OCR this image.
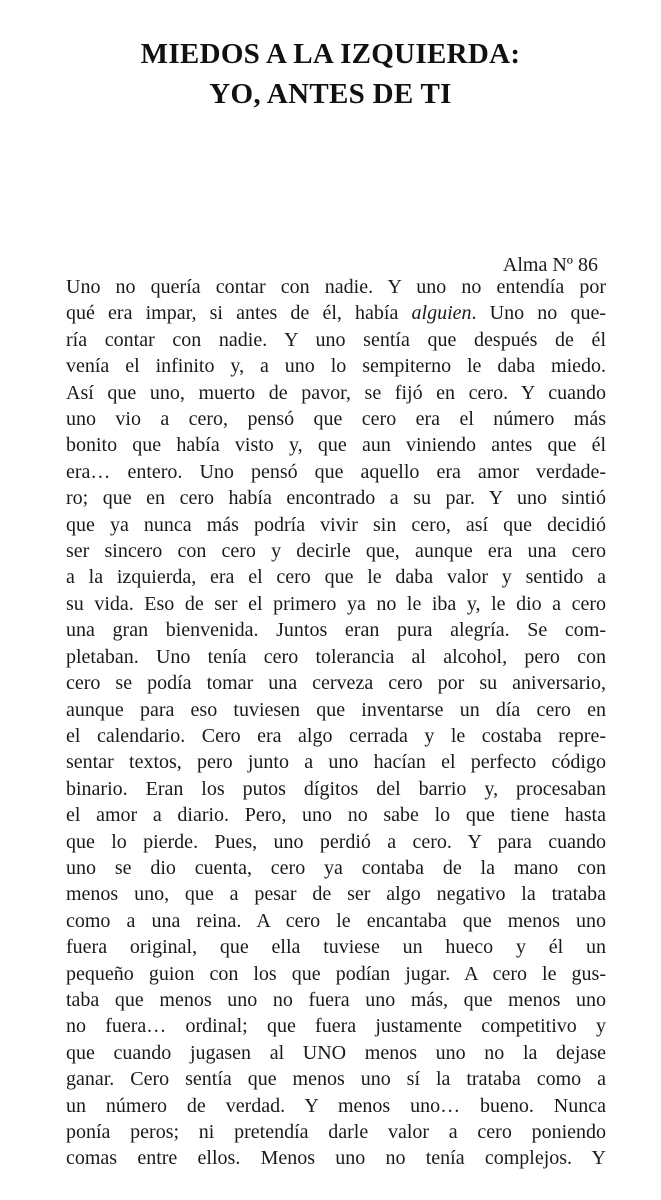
MIEDOS A LA IZQUIERDA:
YO, ANTES DE TI
Alma Nº 86
Uno no quería contar con nadie. Y uno no entendía por
qué era impar, si antes de él, había alguien. Uno no que-
ría contar con nadie. Y uno sentía que después de él
venía el infinito y, a uno lo sempiterno le daba miedo.
Así que uno, muerto de pavor, se fijó en cero. Y cuando
uno vio a cero, pensó que cero era el número más
bonito que había visto y, que aun viniendo antes que él
era… entero. Uno pensó que aquello era amor verdade-
ro; que en cero había encontrado a su par. Y uno sintió
que ya nunca más podría vivir sin cero, así que decidió
ser sincero con cero y decirle que, aunque era una cero
a la izquierda, era el cero que le daba valor y sentido a
su vida. Eso de ser el primero ya no le iba y, le dio a cero
una gran bienvenida. Juntos eran pura alegría. Se com-
pletaban. Uno tenía cero tolerancia al alcohol, pero con
cero se podía tomar una cerveza cero por su aniversario,
aunque para eso tuviesen que inventarse un día cero en
el calendario. Cero era algo cerrada y le costaba repre-
sentar textos, pero junto a uno hacían el perfecto código
binario. Eran los putos dígitos del barrio y, procesaban
el amor a diario. Pero, uno no sabe lo que tiene hasta
que lo pierde. Pues, uno perdió a cero. Y para cuando
uno se dio cuenta, cero ya contaba de la mano con
menos uno, que a pesar de ser algo negativo la trataba
como a una reina. A cero le encantaba que menos uno
fuera original, que ella tuviese un hueco y él un
pequeño guion con los que podían jugar. A cero le gus-
taba que menos uno no fuera uno más, que menos uno
no fuera… ordinal; que fuera justamente competitivo y
que cuando jugasen al UNO menos uno no la dejase
ganar. Cero sentía que menos uno sí la trataba como a
un número de verdad. Y menos uno… bueno. Nunca
ponía peros; ni pretendía darle valor a cero poniendo
comas entre ellos. Menos uno no tenía complejos. Y
